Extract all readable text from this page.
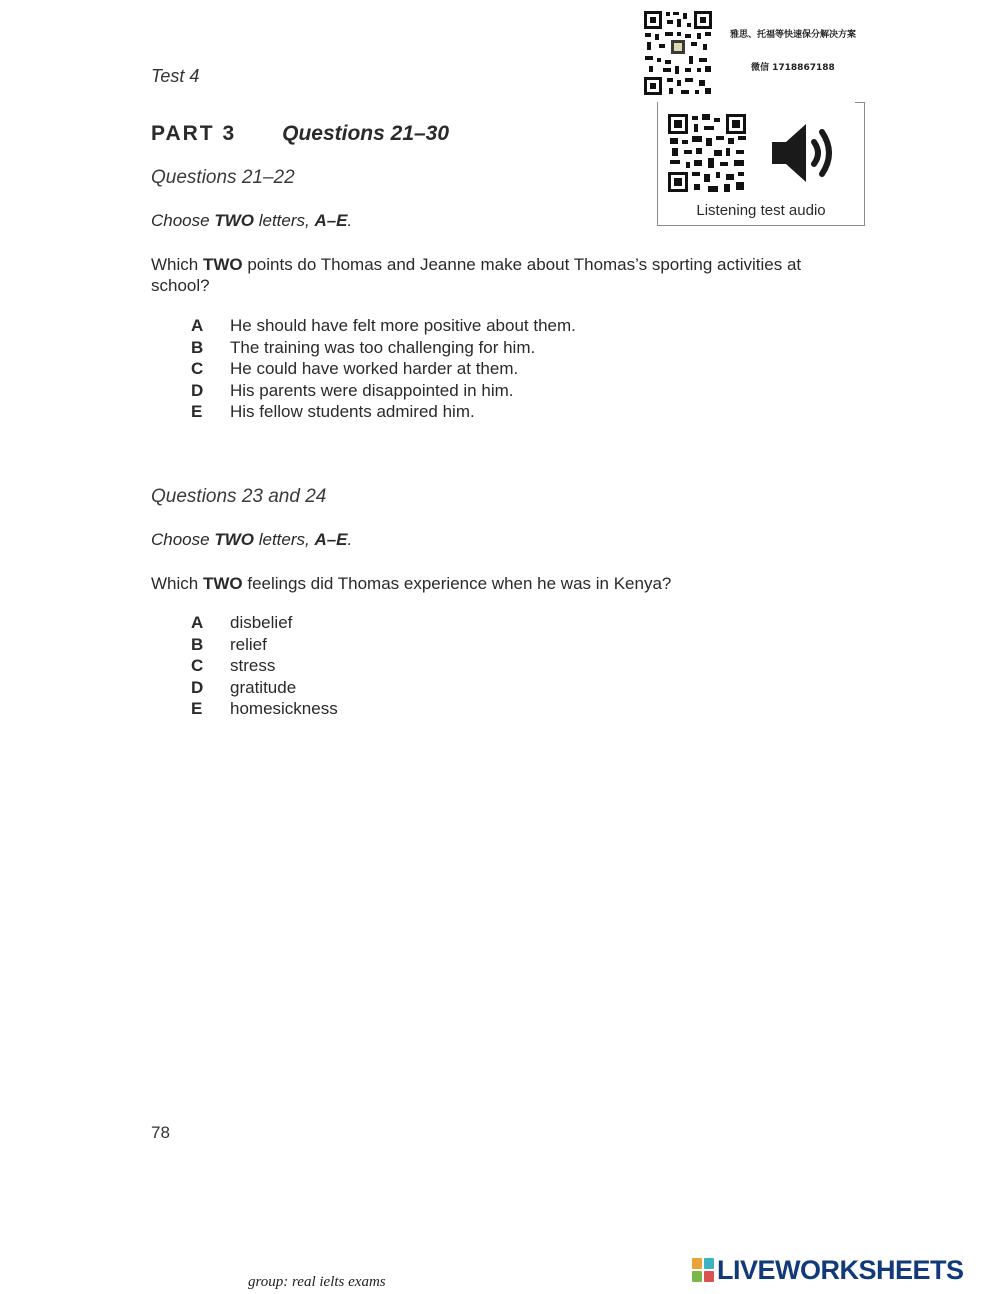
雅思、托福等快速保分解决方案
微信 1718867188
Listening test audio
Test 4
PART 3 Questions 21–30
Questions 21–22
Choose TWO letters, A–E.
Which TWO points do Thomas and Jeanne make about Thomas’s sporting activities at school?
A	He should have felt more positive about them.
B	The training was too challenging for him.
C	He could have worked harder at them.
D	His parents were disappointed in him.
E	His fellow students admired him.
Questions 23 and 24
Choose TWO letters, A–E.
Which TWO feelings did Thomas experience when he was in Kenya?
A	disbelief
B	relief
C	stress
D	gratitude
E	homesickness
78
group: real ielts exams	LIVEWORKSHEETS
